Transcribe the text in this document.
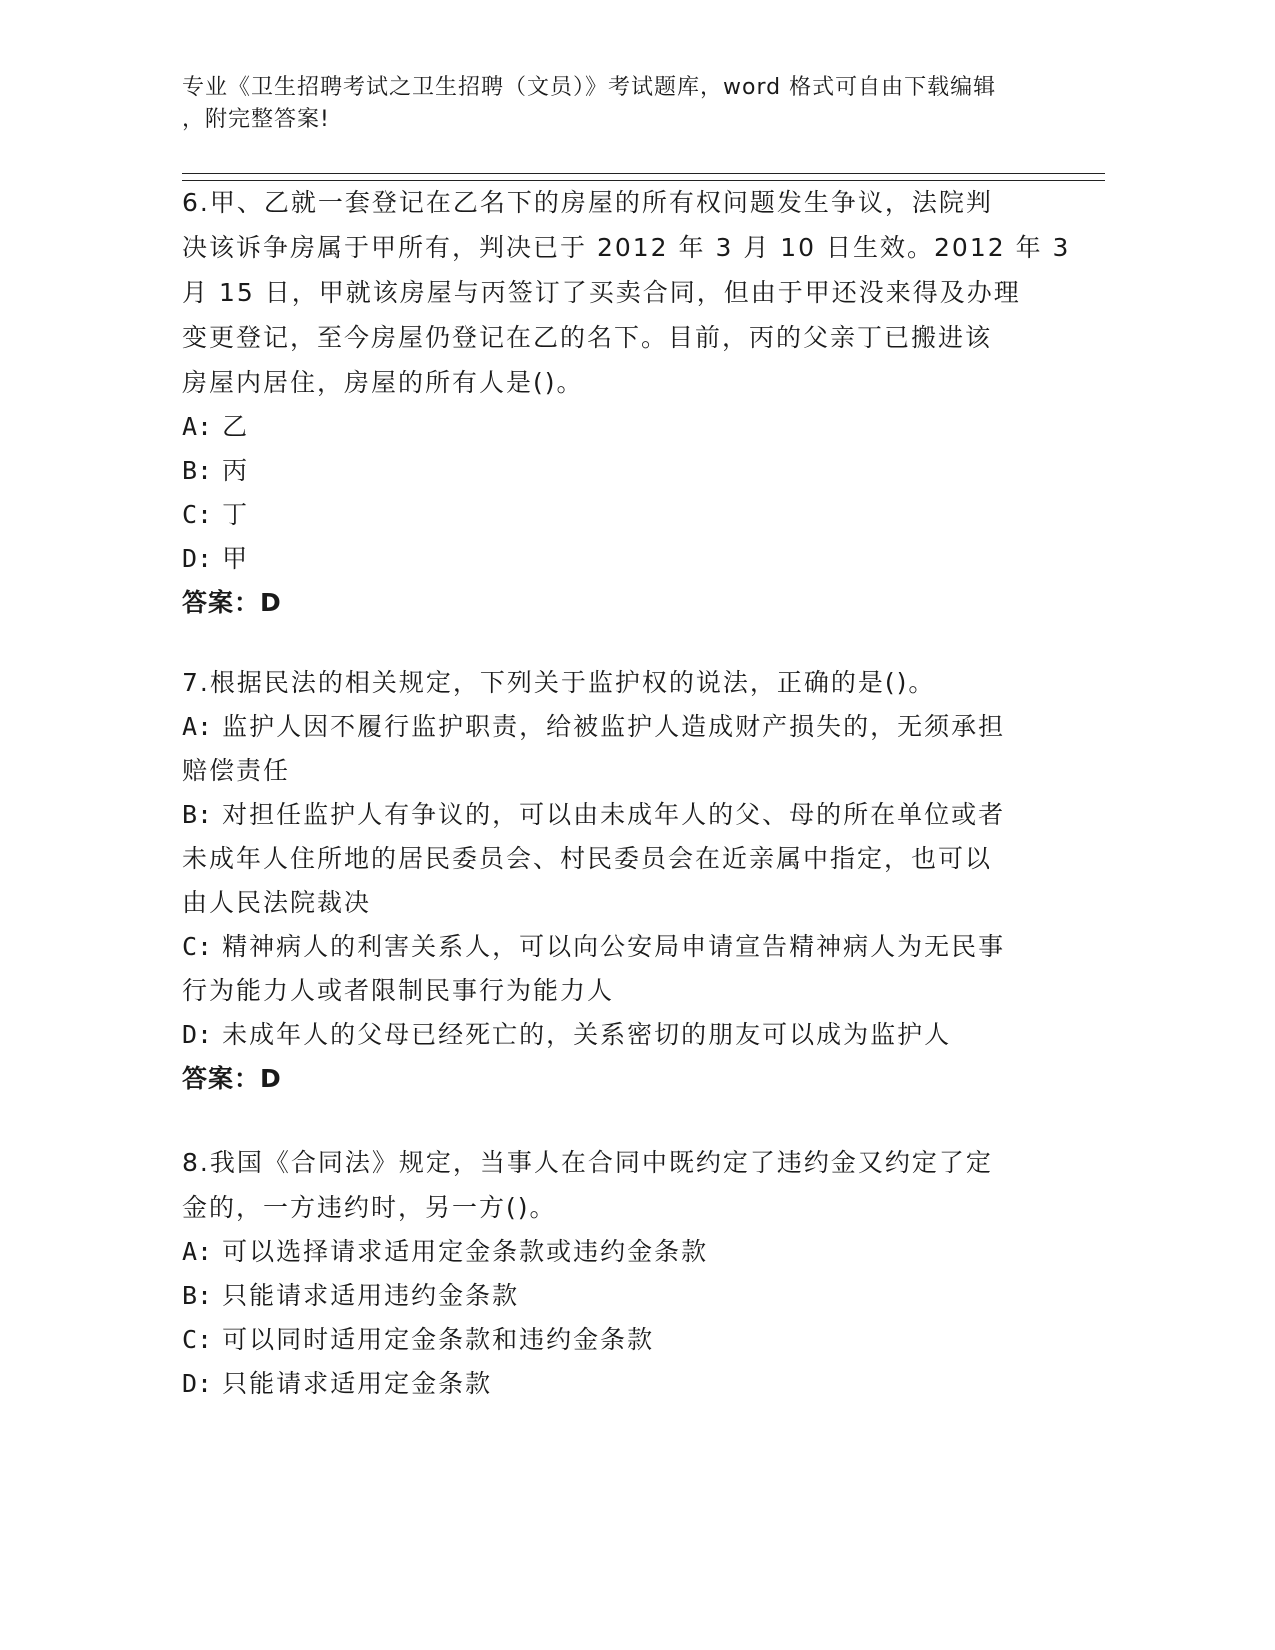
专业《卫生招聘考试之卫生招聘（文员）》考试题库，word 格式可自由下载编辑
，附完整答案!
6.甲、乙就一套登记在乙名下的房屋的所有权问题发生争议，法院判
决该诉争房属于甲所有，判决已于 2012 年 3 月 10 日生效。2012 年 3
月 15 日，甲就该房屋与丙签订了买卖合同，但由于甲还没来得及办理
变更登记，至今房屋仍登记在乙的名下。目前，丙的父亲丁已搬进该
房屋内居住，房屋的所有人是()。
A: 乙
B: 丙
C: 丁
D: 甲
答案：D
7.根据民法的相关规定，下列关于监护权的说法，正确的是()。
A: 监护人因不履行监护职责，给被监护人造成财产损失的，无须承担
赔偿责任
B: 对担任监护人有争议的，可以由未成年人的父、母的所在单位或者
未成年人住所地的居民委员会、村民委员会在近亲属中指定，也可以
由人民法院裁决
C: 精神病人的利害关系人，可以向公安局申请宣告精神病人为无民事
行为能力人或者限制民事行为能力人
D: 未成年人的父母已经死亡的，关系密切的朋友可以成为监护人
答案：D
8.我国《合同法》规定，当事人在合同中既约定了违约金又约定了定
金的，一方违约时，另一方()。
A: 可以选择请求适用定金条款或违约金条款
B: 只能请求适用违约金条款
C: 可以同时适用定金条款和违约金条款
D: 只能请求适用定金条款
